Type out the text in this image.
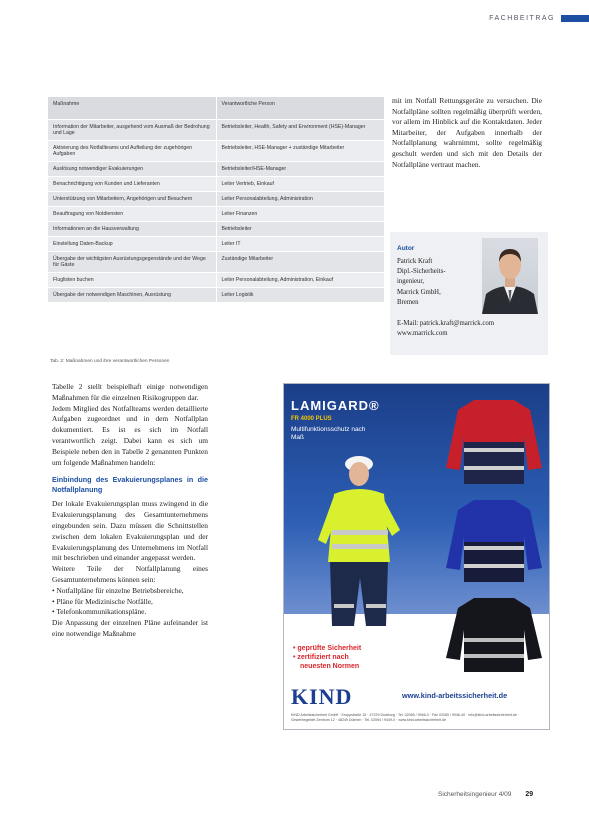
FACHBEITRAG
Maßnahme	Verantwortliche Person
Information der Mitarbeiter, ausgehend vom Ausmaß der Bedrohung und Lage	Betriebsleiter, Health, Safety and Environment (HSE)-Manager
Aktivierung des Notfallteams und Aufteilung der zugehörigen Aufgaben	Betriebsleiter, HSE-Manager + zuständige Mitarbeiter
Auslösung notwendiger Evakuierungen	Betriebsleiter/HSE-Manager
Benachrichtigung von Kunden und Lieferanten	Leiter Vertrieb, Einkauf
Unterstützung von Mitarbeitern, Angehörigen und Besuchern	Leiter Personalabteilung, Administration
Beauftragung von Notdiensten	Leiter Finanzen
Informationen an die Hausverwaltung	Betriebsleiter
Einstellung Daten-Backup	Leiter IT
Übergabe der wichtigsten Ausrüstungsgegenstände und der Wege für Gäste	Zuständige Mitarbeiter
Fluglisten buchen	Leiter Personalabteilung, Administration, Einkauf
Übergabe der notwendigen Maschinen, Ausrüstung	Leiter Logistik
Tab. 2: Maßnahmen und ihre verantwortlichen Personen
mit im Notfall Rettungsgeräte zu versuchen. Die Notfallpläne sollten regelmäßig überprüft werden, vor allem im Hinblick auf die Kontaktdaten. Jeder Mitarbeiter, der Aufgaben innerhalb der Notfallplanung wahrnimmt, sollte regelmäßig geschult werden und sich mit den Details der Notfallpläne vertraut machen.
Autor
Patrick Kraft
Dipl.-Sicherheits-
ingenieur,
Marrick GmbH,
Bremen
E-Mail: patrick.kraft@marrick.com
www.marrick.com

Tabelle 2 stellt beispielhaft einige notwendigen Maßnahmen für die einzelnen Risikogruppen dar.

Jedem Mitglied des Notfallteams werden detaillierte Aufgaben zugeordnet und in dem Notfallplan dokumentiert. Es ist es sich im Notfall verantwortlich zeigt. Dabei kann es sich um Beispiele neben den in Tabelle 2 genannten Punkten um folgende Maßnahmen handeln:

Einbindung des Evakuierungsplanes in die Notfallplanung

Der lokale Evakuierungsplan muss zwingend in die Evakuierungsplanung des Gesamtunternehmens eingebunden sein. Dazu müssen die Schnittstellen zwischen dem lokalen Evakuierungsplan und der Evakuierungsplanung des Unternehmens im Notfall mit beschrieben und einander angepasst werden.

Weitere Teile der Notfallplanung eines Gesamtunternehmens können sein:

• Notfallpläne für einzelne Betriebsbereiche,
• Pläne für Medizinische Notfälle,
• Telefonkommunikationspläne.

Die Anpassung der einzelnen Pläne aufeinander ist eine notwendige Maßnahme

LAMIGARD®
FR 4000 PLUS
Multifunktionsschutz nach Maß
• geprüfte Sicherheit
• zertifiziert nach
neuesten Normen
KIND	www.kind-arbeitssicherheit.de
KIND Arbeitssicherheit GmbH · Kruppstraße 15 · 47229 Duisburg · Tel. 02065 / 9946-0 · Fax 02065 / 9946-40 · info@kind-arbeitssicherheit.de · Gewerbegebiet Zentrum 12 · 48249 Dülmen · Tel. 02594 / 9449-0 · www.kind-arbeitssicherheit.de
Sicherheitsingenieur 4/09 29
